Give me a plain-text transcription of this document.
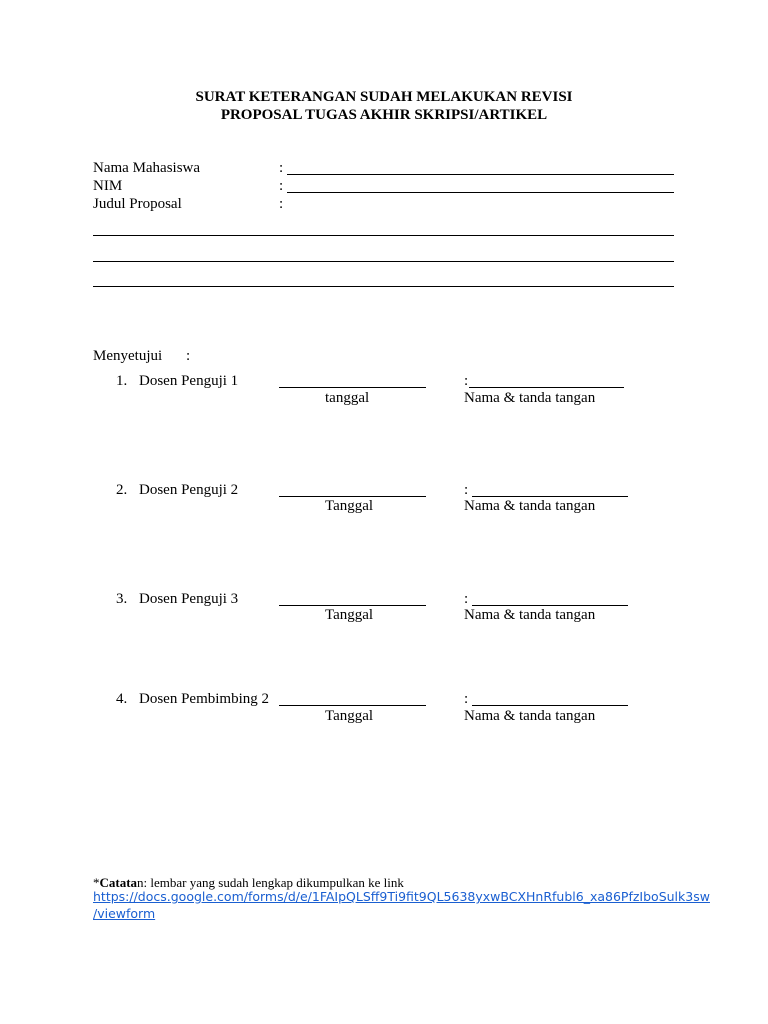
SURAT KETERANGAN SUDAH MELAKUKAN REVISI
PROPOSAL TUGAS AKHIR SKRIPSI/ARTIKEL
Nama Mahasiswa	:
NIM	:
Judul Proposal	:
Menyetujui :
1. Dosen Penguji 1	:
tanggal	Nama & tanda tangan
2. Dosen Penguji 2	:
Tanggal	Nama & tanda tangan
3. Dosen Penguji 3	:
Tanggal	Nama & tanda tangan
4. Dosen Pembimbing 2	:
Tanggal	Nama & tanda tangan
*Catatan: lembar yang sudah lengkap dikumpulkan ke link
https://docs.google.com/forms/d/e/1FAIpQLSff9Ti9fit9QL5638yxwBCXHnRfubl6_xa86PfzIboSulk3sw
/viewform
